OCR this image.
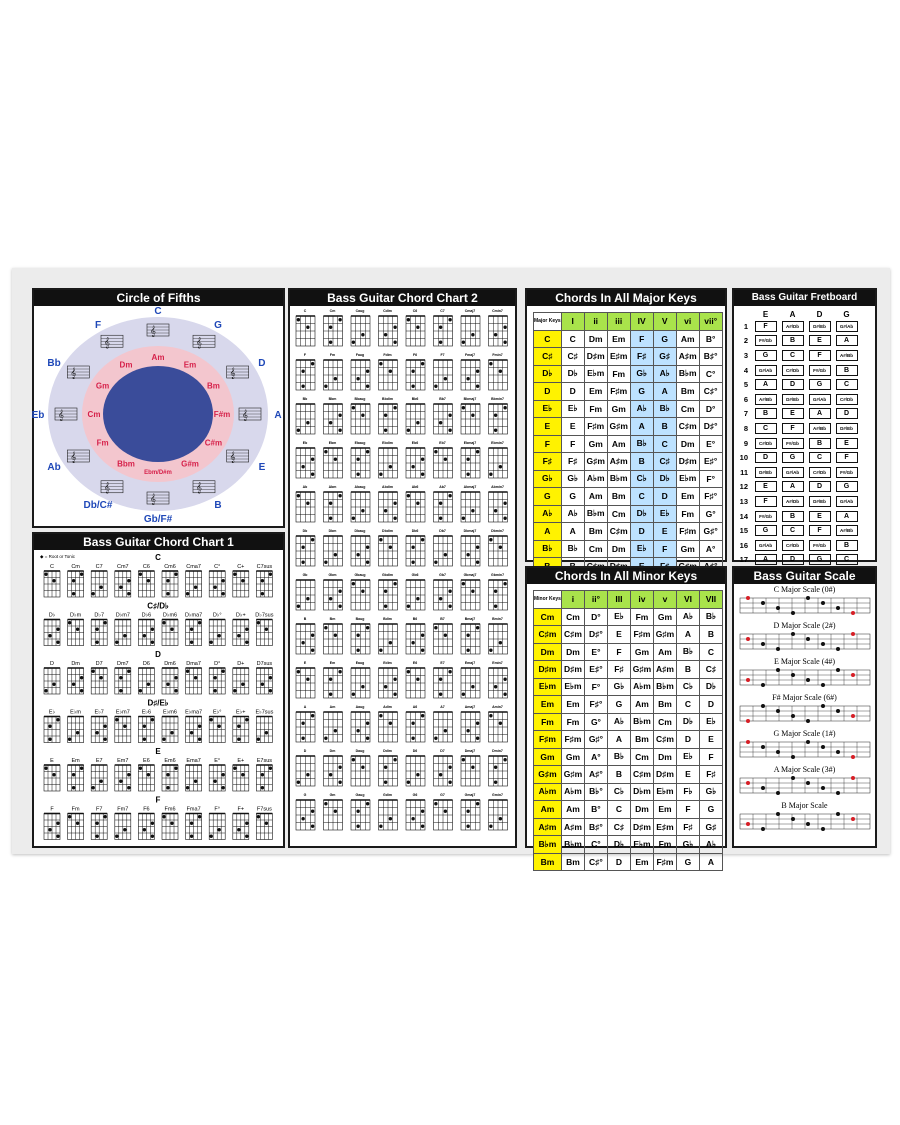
Circle of Fifths
𝄞
C
𝄞
G
𝄞
D
𝄞	A
𝄞
E
𝄞
B
𝄞
Gb/F#
𝄞
Db/C#
𝄞
Ab
𝄞
Eb
𝄞
Bb
𝄞
F
Am
Em
Bm
F#m
C#m
G#m
Ebm/D#m
Bbm
Fm
Cm
Gm
Dm
Bass Guitar Chord Chart 1
◆ = Root or Tonic	C
C	Cm	C7	Cm7	C6	Cm6 Cma7 C°	C+ C7sus
C♯/D♭
D♭	D♭m D♭7 D♭m7 D♭6 D♭m6 D♭ma7 D♭°	D♭+ D♭7sus
D
D	Dm	D7	Dm7	D6	Dm6 Dma7 D°	D+ D7sus
D♯/E♭
E♭	E♭m E♭7 E♭m7 E♭6 E♭m6 E♭ma7 E♭°	E♭+ E♭7sus
E
E	Em	E7	Em7	E6	Em6 Ema7 E°	E+ E7sus
F
F	Fm	F7	Fm7	F6	Fm6 Fma7	F°	F+ F7sus
Bass Guitar Chord Chart 2
C	Cm	Caug	Cdim	C6	C7	Cmaj7	Cmin7
F	Fm	Faug	Fdim	F6	F7	Fmaj7	Fmin7
Bb	Bbm	Bbaug	Bbdim	Bb6	Bb7	Bbmaj7	Bbmin7
Eb	Ebm	Ebaug	Ebdim	Eb6	Eb7	Ebmaj7	Ebmin7
Ab	Abm	Abaug	Abdim	Ab6	Ab7	Abmaj7	Abmin7
Db	Dbm	Dbaug	Dbdim	Db6	Db7	Dbmaj7	Dbmin7
Gb	Gbm	Gbaug	Gbdim	Gb6	Gb7	Gbmaj7	Gbmin7
B	Bm	Baug	Bdim	B6	B7	Bmaj7	Bmin7
E	Em	Eaug	Edim	E6	E7	Emaj7	Emin7
A	Am	Aaug	Adim	A6	A7	Amaj7	Amin7
D	Dm	Daug	Ddim	D6	D7	Dmaj7	Dmin7
G	Gm	Gaug	Gdim	G6	G7	Gmaj7	Gmin7
Chords In All Major Keys
Major Keys	I	ii	iii	IV	V	vi	vii°
C	C	Dm	Em	F	G	Am	B°
C♯	C♯	D♯m	E♯m	F♯	G♯	A♯m	B♯°
D♭	D♭	E♭m	Fm	G♭	A♭	B♭m	C°
D	D	Em	F♯m	G	A	Bm	C♯°
E♭	E♭	Fm	Gm	A♭	B♭	Cm	D°
E	E	F♯m	G♯m	A	B	C♯m	D♯°
F	F	Gm	Am	B♭	C	Dm	E°
F♯	F♯	G♯m	A♯m	B	C♯	D♯m	E♯°
G♭	G♭	A♭m	B♭m	C♭	D♭	E♭m	F°
G	G	Am	Bm	C	D	Em	F♯°
A♭	A♭	B♭m	Cm	D♭	E♭	Fm	G°
A	A	Bm	C♯m	D	E	F♯m	G♯°
B♭	B♭	Cm	Dm	E♭	F	Gm	A°

Chords In All Minor Keys
Minor Keys	i	ii°	III	iv	v	VI	VII
Cm	Cm	D°	E♭	Fm	Gm	A♭	B♭
C♯m	C♯m	D♯°	E	F♯m	G♯m	A	B
Dm	Dm	E°	F	Gm	Am	B♭	C
D♯m	D♯m	E♯°	F♯	G♯m	A♯m	B	C♯
E♭m	E♭m	F°	G♭	A♭m	B♭m	C♭	D♭
Em	Em	F♯°	G	Am	Bm	C	D
Fm	Fm	G°	A♭	B♭m	Cm	D♭	E♭
F♯m	F♯m	G♯°	A	Bm	C♯m	D	E
Gm	Gm	A°	B♭	Cm	Dm	E♭	F
G♯m	G♯m	A♯°	B	C♯m	D♯m	E	F♯
A♭m	A♭m	B♭°	C♭	D♭m	E♭m	F♭	G♭
Am	Am	B°	C	Dm	Em	F	G
A♯m	A♯m	B♯°	C♯	D♯m	E♯m	F♯	G♯
B♭m	B♭m	C°	D♭	E♭m	Fm	G♭	A♭
Bm	Bm	C♯°	D	Em	F♯m	G	A
Bass Guitar Fretboard
	E	A	D	G
1	F	A#/Db	D#/Eb	G#/Ab
2	F#/Gb	B	E	A
3	G	C	F	A#/Bb
4	G#/Ab	C#/Db	F#/Gb	B
5	A	D	G	C
6	A#/Bb	D#/Eb	G#/Ab	C#/Db
7	B	E	A	D
8	C	F	A#/Bb	D#/Eb
9	C#/Db	F#/Gb	B	E
10	D	G	C	F
11	D#/Eb	G#/Ab	C#/Db	F#/Gb
12	E	A	D	G
13	F	A#/Db	D#/Eb	G#/Ab
14	F#/Gb	B	E	A
15	G	C	F	A#/Bb
16	G#/Ab	C#/Db	F#/Gb	B
17	A	D	G	C
Bass Guitar Scale
C Major Scale (0#)
D Major Scale (2#)
E Major Scale (4#)
F# Major Scale (6#)
G Major Scale (1#)
A Major Scale (3#)
B Major Scale
